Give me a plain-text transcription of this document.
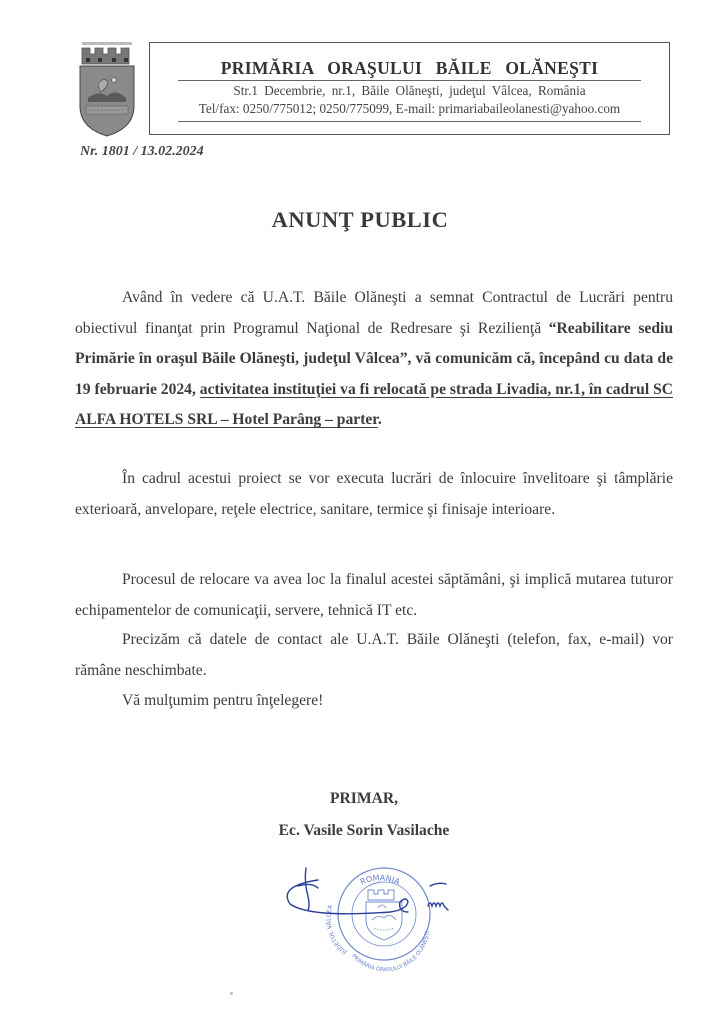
PRIMĂRIA ORAŞULUI BĂILE OLĂNEŞTI
Str.1 Decembrie, nr.1, Băile Olăneşti, judeţul Vâlcea, România
Tel/fax: 0250/775012; 0250/775099, E-mail: primariabaileolanesti@yahoo.com
Nr. 1801 / 13.02.2024
ANUNŢ PUBLIC

Având în vedere că U.A.T. Băile Olăneşti a semnat Contractul de Lucrări pentru obiectivul finanţat prin Programul Naţional de Redresare şi Rezilienţă “Reabilitare sediu Primărie în oraşul Băile Olăneşti, judeţul Vâlcea”, vă comunicăm că, începând cu data de 19 februarie 2024, activitatea instituţiei va fi relocată pe strada Livadia, nr.1, în cadrul SC ALFA HOTELS SRL – Hotel Parâng – parter.

În cadrul acestui proiect se vor executa lucrări de înlocuire învelitoare şi tâmplărie exterioară, anvelopare, reţele electrice, sanitare, termice şi finisaje interioare.

Procesul de relocare va avea loc la finalul acestei săptămâni, şi implică mutarea tuturor echipamentelor de comunicaţii, servere, tehnică IT etc.

Precizăm că datele de contact ale U.A.T. Băile Olăneşti (telefon, fax, e-mail) vor rămâne neschimbate.

Vă mulţumim pentru înţelegere!

PRIMAR,
Ec. Vasile Sorin Vasilache
ROMANIA
JUDETUL VÂLCEA
PRIMĂRIA ORASULUI BĂILE OLĂNEȘTI
